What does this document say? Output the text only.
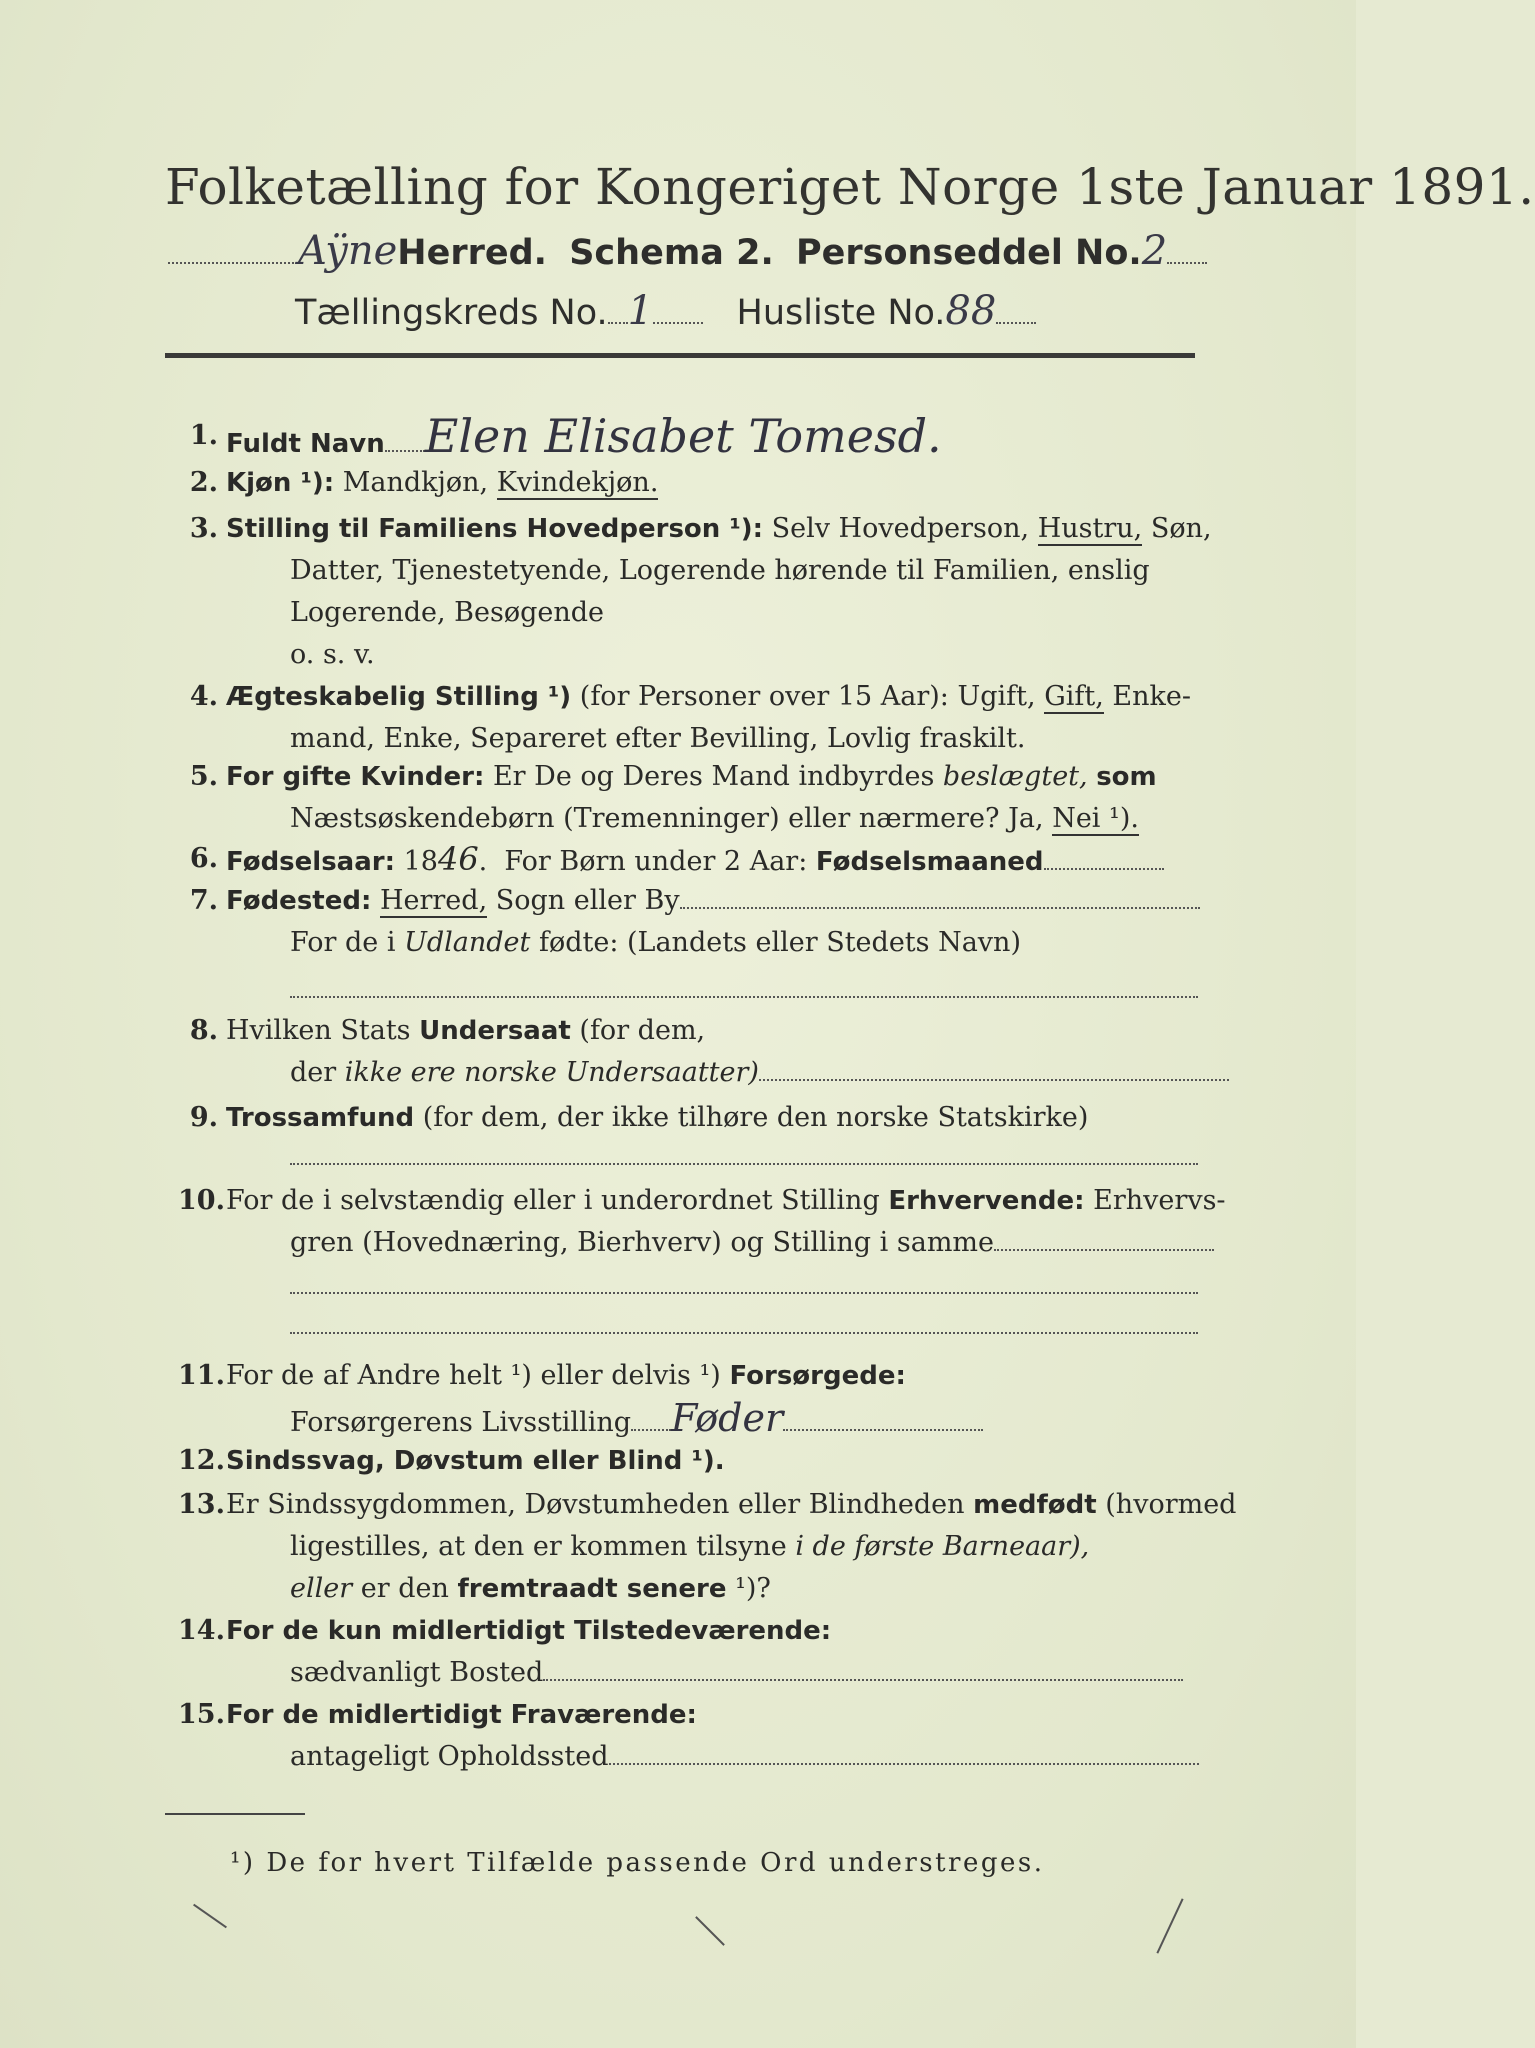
Folketælling for Kongeriget Norge 1ste Januar 1891.
AÿneHerred. Schema 2. Personseddel No.2
Tællingskreds No. 1 Husliste No.88
1. Fuldt Navn Elen Elisabet Tomesd.
2. Kjøn ¹): Mandkjøn, Kvindekjøn.
3. Stilling til Familiens Hovedperson ¹): Selv Hovedperson, Hustru, Søn,
Datter, Tjenestetyende, Logerende hørende til Familien, enslig
Logerende, Besøgende
o. s. v.
4. Ægteskabelig Stilling ¹) (for Personer over 15 Aar): Ugift, Gift, Enke-
mand, Enke, Separeret efter Bevilling, Lovlig fraskilt.
5. For gifte Kvinder: Er De og Deres Mand indbyrdes beslægtet, som
Næstsøskendebørn (Tremenninger) eller nærmere? Ja, Nei ¹).
6. Fødselsaar: 1846.  For Børn under 2 Aar: Fødselsmaaned
7. Fødested: Herred, Sogn eller By
For de i Udlandet fødte: (Landets eller Stedets Navn)
8. Hvilken Stats Undersaat (for dem,
der ikke ere norske Undersaatter)
9. Trossamfund (for dem, der ikke tilhøre den norske Statskirke)
10. For de i selvstændig eller i underordnet Stilling Erhvervende: Erhvervs-
gren (Hovednæring, Bierhverv) og Stilling i samme
11. For de af Andre helt ¹) eller delvis ¹) Forsørgede:
Forsørgerens Livsstilling Føder
12. Sindssvag, Døvstum eller Blind ¹).
13. Er Sindssygdommen, Døvstumheden eller Blindheden medfødt (hvormed
ligestilles, at den er kommen tilsyne i de første Barneaar),
eller er den fremtraadt senere ¹)?
14. For de kun midlertidigt Tilstedeværende:
sædvanligt Bosted
15. For de midlertidigt Fraværende:
antageligt Opholdssted
¹) De for hvert Tilfælde passende Ord understreges.
